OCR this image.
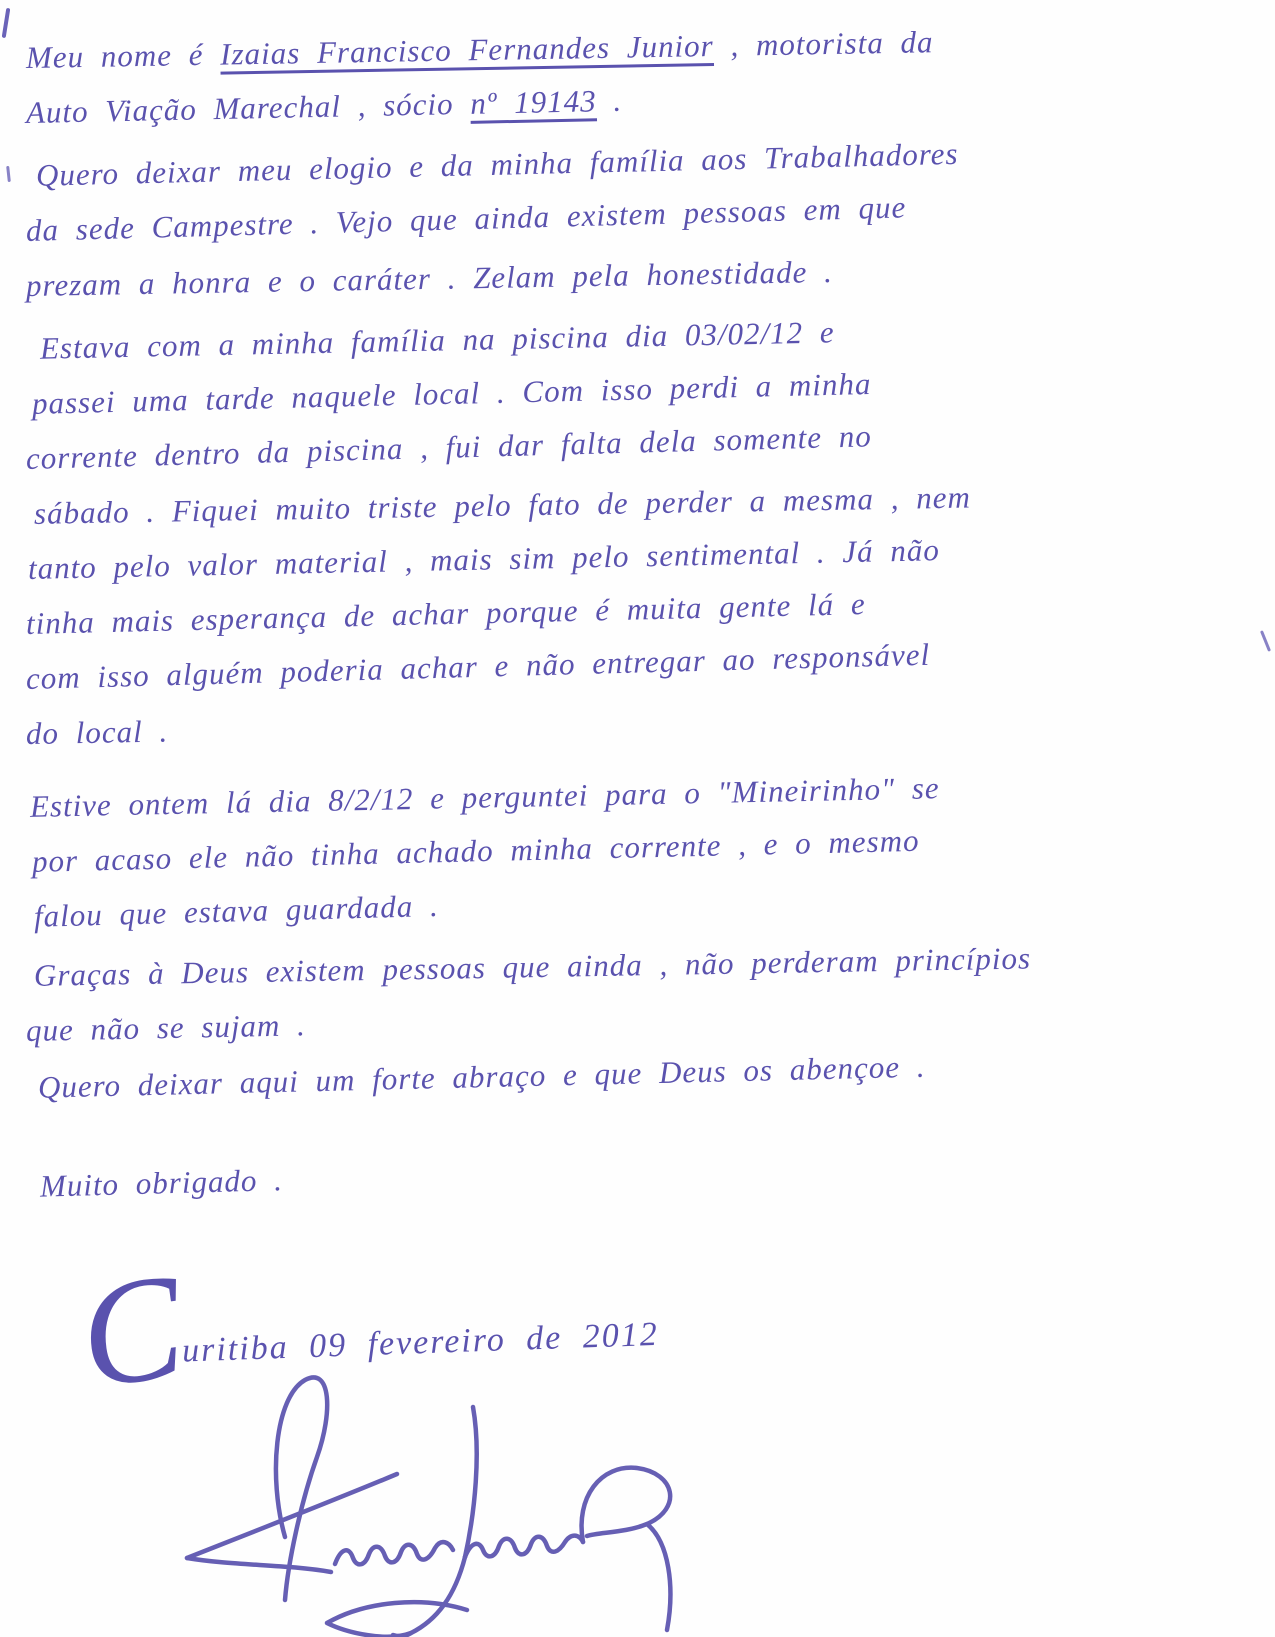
Meu nome é Izaias Francisco Fernandes Junior , motorista da
Auto Viação Marechal , sócio nº 19143 .
Quero deixar meu elogio e da minha família aos Trabalhadores
da sede Campestre . Vejo que ainda existem pessoas em que
prezam a honra e o caráter . Zelam pela honestidade .
Estava com a minha família na piscina dia 03/02/12 e
passei uma tarde naquele local . Com isso perdi a minha
corrente dentro da piscina , fui dar falta dela somente no
sábado . Fiquei muito triste pelo fato de perder a mesma , nem
tanto pelo valor material , mais sim pelo sentimental . Já não
tinha mais esperança de achar porque é muita gente lá e
com isso alguém poderia achar e não entregar ao responsável
do local .
Estive ontem lá dia 8/2/12 e perguntei para o "Mineirinho" se
por acaso ele não tinha achado minha corrente , e o mesmo
falou que estava guardada .
Graças à Deus existem pessoas que ainda , não perderam princípios
que não se sujam .
Quero deixar aqui um forte abraço e que Deus os abençoe .
Muito obrigado .
Curitiba 09 fevereiro de 2012
